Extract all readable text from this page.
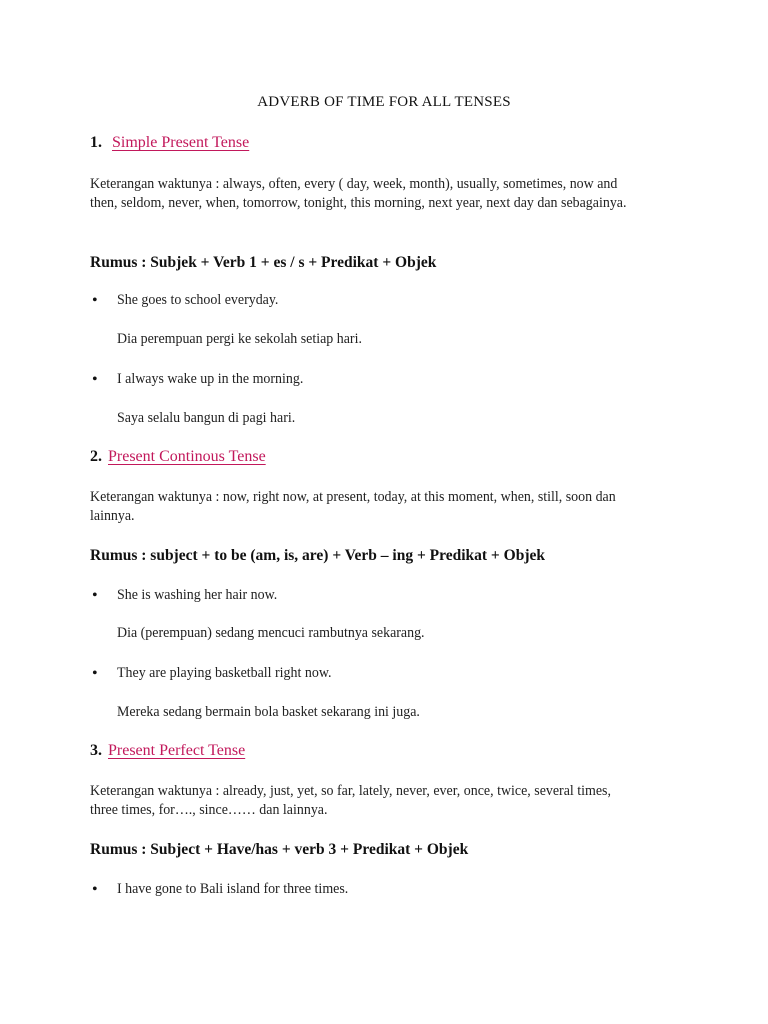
ADVERB OF TIME FOR ALL TENSES
1. Simple Present Tense
Keterangan waktunya : always, often, every ( day, week, month), usually, sometimes, now and then, seldom, never, when, tomorrow, tonight, this morning, next year, next day dan sebagainya.
Rumus : Subjek + Verb 1 + es / s + Predikat + Objek
• She goes to school everyday.
Dia perempuan pergi ke sekolah setiap hari.
• I always wake up in the morning.
Saya selalu bangun di pagi hari.
2. Present Continous Tense
Keterangan waktunya : now, right now, at present, today, at this moment, when, still, soon dan lainnya.
Rumus : subject + to be (am, is, are) + Verb – ing + Predikat + Objek
• She is washing her hair now.
Dia (perempuan) sedang mencuci rambutnya sekarang.
• They are playing basketball right now.
Mereka sedang bermain bola basket sekarang ini juga.
3. Present Perfect Tense
Keterangan waktunya : already, just, yet, so far, lately, never, ever, once, twice, several times, three times, for…., since…… dan lainnya.
Rumus : Subject + Have/has + verb 3 + Predikat + Objek
• I have gone to Bali island for three times.
